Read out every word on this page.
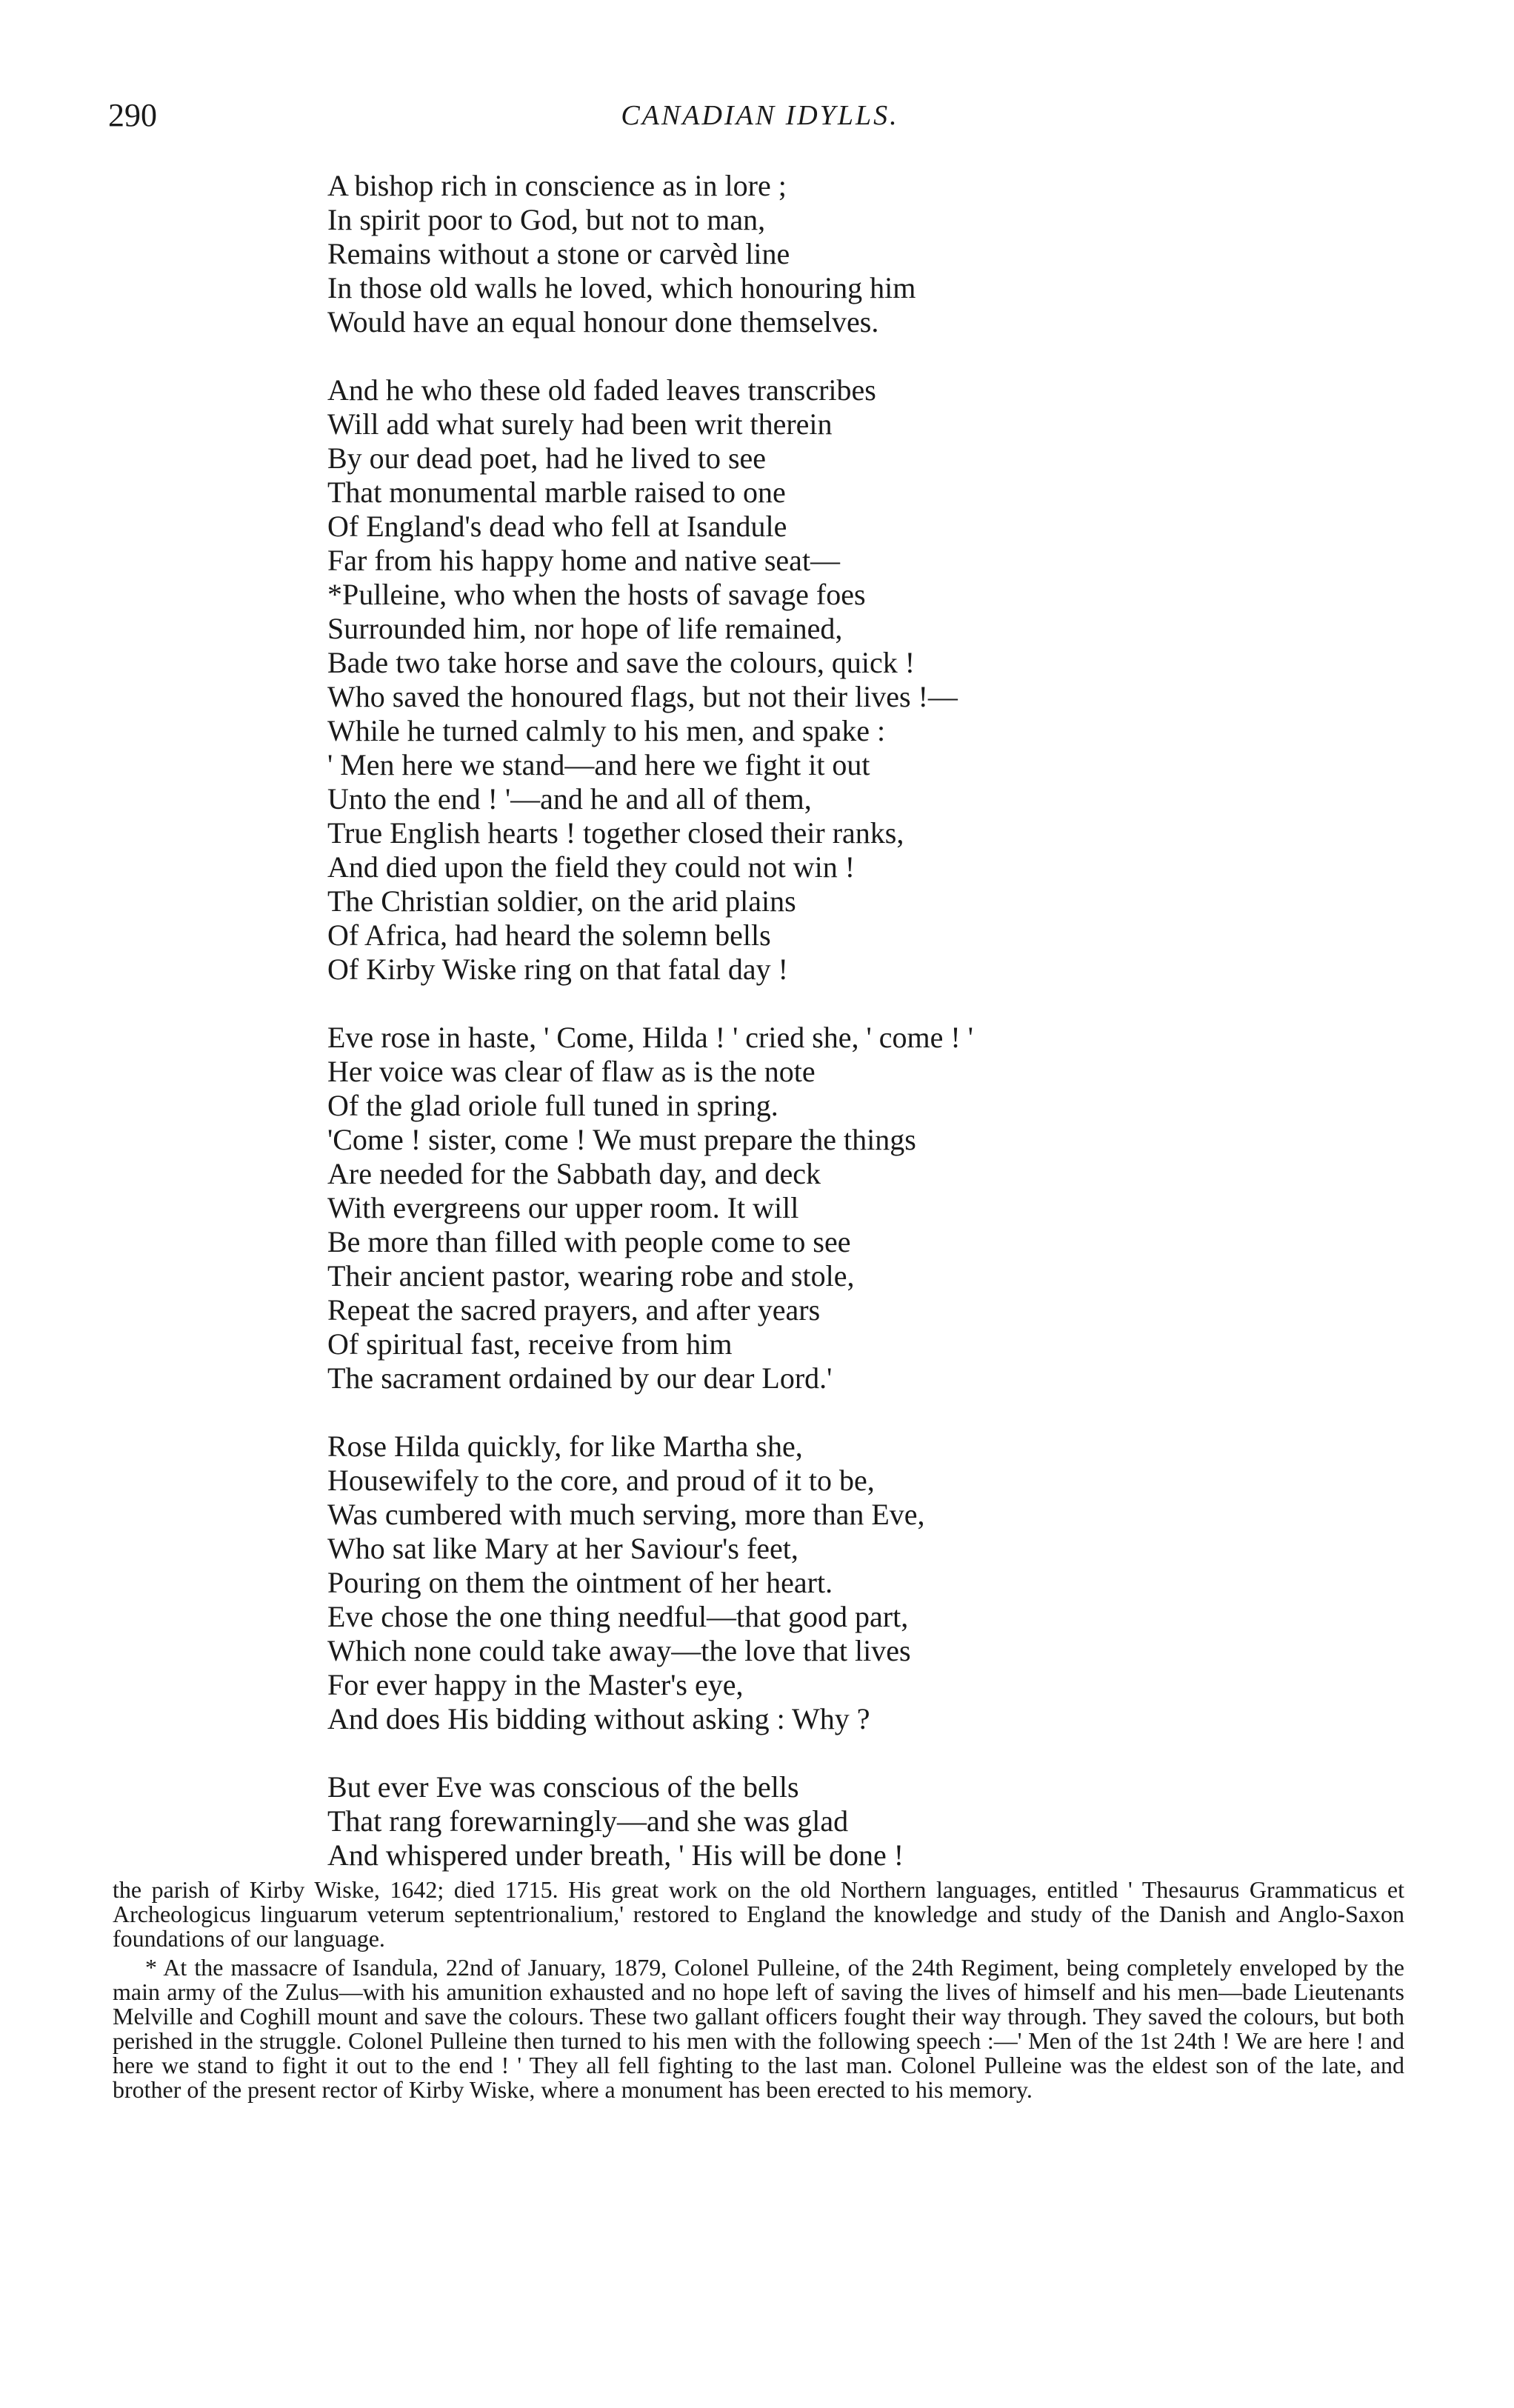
290	CANADIAN IDYLLS.
A bishop rich in conscience as in lore ;
In spirit poor to God, but not to man,
Remains without a stone or carvèd line
In those old walls he loved, which honouring him
Would have an equal honour done themselves.
And he who these old faded leaves transcribes
Will add what surely had been writ therein
By our dead poet, had he lived to see
That monumental marble raised to one
Of England's dead who fell at Isandule
Far from his happy home and native seat—
*Pulleine, who when the hosts of savage foes
Surrounded him, nor hope of life remained,
Bade two take horse and save the colours, quick !
Who saved the honoured flags, but not their lives !—
While he turned calmly to his men, and spake :
' Men here we stand—and here we fight it out
Unto the end ! '—and he and all of them,
True English hearts ! together closed their ranks,
And died upon the field they could not win !
The Christian soldier, on the arid plains
Of Africa, had heard the solemn bells
Of Kirby Wiske ring on that fatal day !
Eve rose in haste, ' Come, Hilda ! ' cried she, ' come ! '
Her voice was clear of flaw as is the note
Of the glad oriole full tuned in spring.
'Come ! sister, come ! We must prepare the things
Are needed for the Sabbath day, and deck
With evergreens our upper room. It will
Be more than filled with people come to see
Their ancient pastor, wearing robe and stole,
Repeat the sacred prayers, and after years
Of spiritual fast, receive from him
The sacrament ordained by our dear Lord.'
Rose Hilda quickly, for like Martha she,
Housewifely to the core, and proud of it to be,
Was cumbered with much serving, more than Eve,
Who sat like Mary at her Saviour's feet,
Pouring on them the ointment of her heart.
Eve chose the one thing needful—that good part,
Which none could take away—the love that lives
For ever happy in the Master's eye,
And does His bidding without asking : Why ?
But ever Eve was conscious of the bells
That rang forewarningly—and she was glad
And whispered under breath, ' His will be done !

the parish of Kirby Wiske, 1642; died 1715. His great work on the old Northern languages, entitled ' Thesaurus Grammaticus et Archeologicus linguarum veterum septentrionalium,' restored to England the knowledge and study of the Danish and Anglo-Saxon foundations of our language.

* At the massacre of Isandula, 22nd of January, 1879, Colonel Pulleine, of the 24th Regiment, being completely enveloped by the main army of the Zulus—with his amunition exhausted and no hope left of saving the lives of himself and his men—bade Lieutenants Melville and Coghill mount and save the colours. These two gallant officers fought their way through. They saved the colours, but both perished in the struggle. Colonel Pulleine then turned to his men with the following speech :—' Men of the 1st 24th ! We are here ! and here we stand to fight it out to the end ! ' They all fell fighting to the last man. Colonel Pulleine was the eldest son of the late, and brother of the present rector of Kirby Wiske, where a monument has been erected to his memory.
